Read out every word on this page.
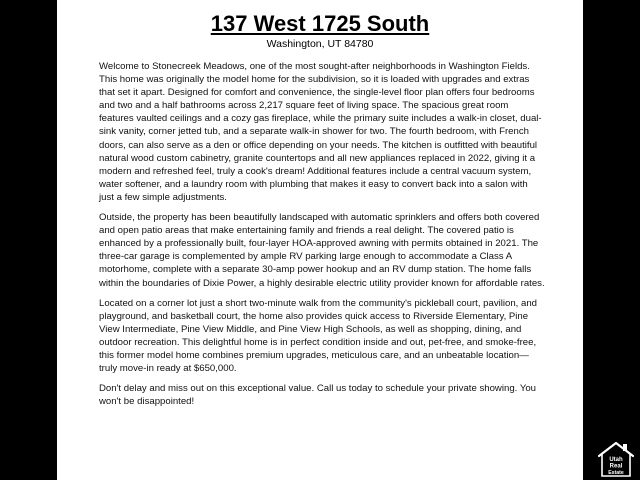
137 West 1725 South
Washington, UT 84780

Welcome to Stonecreek Meadows, one of the most sought-after neighborhoods in Washington Fields. This home was originally the model home for the subdivision, so it is loaded with upgrades and extras that set it apart. Designed for comfort and convenience, the single-level floor plan offers four bedrooms and two and a half bathrooms across 2,217 square feet of living space. The spacious great room features vaulted ceilings and a cozy gas fireplace, while the primary suite includes a walk-in closet, dual-sink vanity, corner jetted tub, and a separate walk-in shower for two. The fourth bedroom, with French doors, can also serve as a den or office depending on your needs. The kitchen is outfitted with beautiful natural wood custom cabinetry, granite countertops and all new appliances replaced in 2022, giving it a modern and refreshed feel, truly a cook's dream! Additional features include a central vacuum system, water softener, and a laundry room with plumbing that makes it easy to convert back into a salon with just a few simple adjustments.

Outside, the property has been beautifully landscaped with automatic sprinklers and offers both covered and open patio areas that make entertaining family and friends a real delight. The covered patio is enhanced by a professionally built, four-layer HOA-approved awning with permits obtained in 2021. The three-car garage is complemented by ample RV parking large enough to accommodate a Class A motorhome, complete with a separate 30-amp power hookup and an RV dump station. The home falls within the boundaries of Dixie Power, a highly desirable electric utility provider known for affordable rates.

Located on a corner lot just a short two-minute walk from the community's pickleball court, pavilion, and playground, and basketball court, the home also provides quick access to Riverside Elementary, Pine View Intermediate, Pine View Middle, and Pine View High Schools, as well as shopping, dining, and outdoor recreation. This delightful home is in perfect condition inside and out, pet-free, and smoke-free, this former model home combines premium upgrades, meticulous care, and an unbeatable location—truly move-in ready at $650,000.

Don't delay and miss out on this exceptional value. Call us today to schedule your private showing. You won't be disappointed!

Utah
Real
Estate
